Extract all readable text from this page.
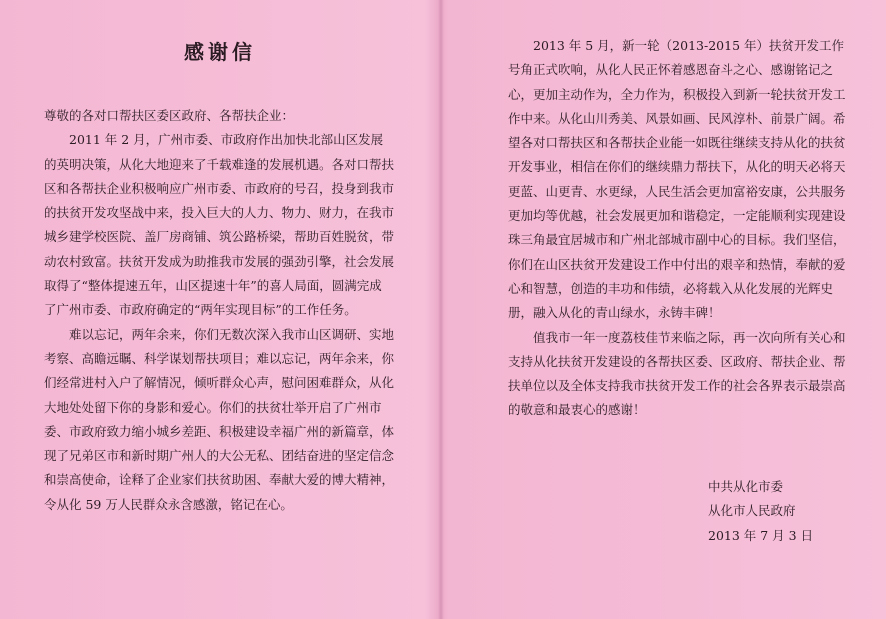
感谢信

尊敬的各对口帮扶区委区政府、各帮扶企业：

2011 年 2 月，广州市委、市政府作出加快北部山区发展的英明决策，从化大地迎来了千载难逢的发展机遇。各对口帮扶区和各帮扶企业积极响应广州市委、市政府的号召，投身到我市的扶贫开发攻坚战中来，投入巨大的人力、物力、财力，在我市城乡建学校医院、盖厂房商铺、筑公路桥梁，帮助百姓脱贫，带动农村致富。扶贫开发成为助推我市发展的强劲引擎，社会发展取得了“整体提速五年，山区提速十年”的喜人局面，圆满完成了广州市委、市政府确定的“两年实现目标”的工作任务。

难以忘记，两年余来，你们无数次深入我市山区调研、实地考察、高瞻远瞩、科学谋划帮扶项目；难以忘记，两年余来，你们经常进村入户了解情况，倾听群众心声，慰问困难群众，从化大地处处留下你的身影和爱心。你们的扶贫壮举开启了广州市委、市政府致力缩小城乡差距、积极建设幸福广州的新篇章，体现了兄弟区市和新时期广州人的大公无私、团结奋进的坚定信念和崇高使命，诠释了企业家们扶贫助困、奉献大爱的博大精神，令从化 59 万人民群众永含感激，铭记在心。

2013 年 5 月，新一轮（2013-2015 年）扶贫开发工作号角正式吹响，从化人民正怀着感恩奋斗之心、感谢铭记之心，更加主动作为，全力作为，积极投入到新一轮扶贫开发工作中来。从化山川秀美、风景如画、民风淳朴、前景广阔。希望各对口帮扶区和各帮扶企业能一如既往继续支持从化的扶贫开发事业，相信在你们的继续鼎力帮扶下，从化的明天必将天更蓝、山更青、水更绿，人民生活会更加富裕安康，公共服务更加均等优越，社会发展更加和谐稳定，一定能顺利实现建设珠三角最宜居城市和广州北部城市副中心的目标。我们坚信，你们在山区扶贫开发建设工作中付出的艰辛和热情，奉献的爱心和智慧，创造的丰功和伟绩，必将载入从化发展的光辉史册，融入从化的青山绿水，永铸丰碑！

值我市一年一度荔枝佳节来临之际，再一次向所有关心和支持从化扶贫开发建设的各帮扶区委、区政府、帮扶企业、帮扶单位以及全体支持我市扶贫开发工作的社会各界表示最崇高的敬意和最衷心的感谢！

中共从化市委
从化市人民政府
2013 年 7 月 3 日
